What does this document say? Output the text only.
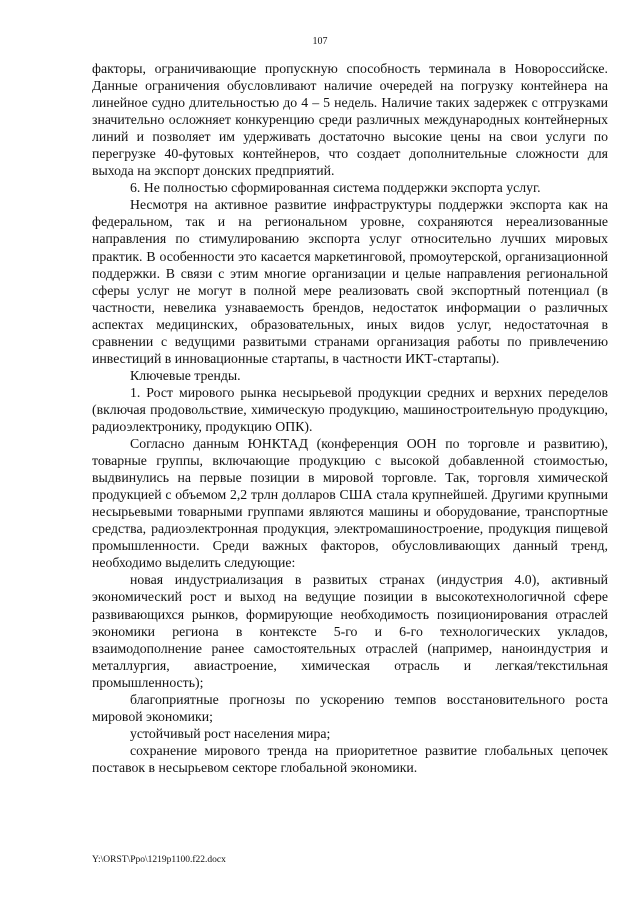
107

факторы, ограничивающие пропускную способность терминала в Новороссийске. Данные ограничения обусловливают наличие очередей на погрузку контейнера на линейное судно длительностью до 4 – 5 недель. Наличие таких задержек с отгрузками значительно осложняет конкуренцию среди различных международных контейнерных линий и позволяет им удерживать достаточно высокие цены на свои услуги по перегрузке 40-футовых контейнеров, что создает дополнительные сложности для выхода на экспорт донских предприятий.

6. Не полностью сформированная система поддержки экспорта услуг.

Несмотря на активное развитие инфраструктуры поддержки экспорта как на федеральном, так и на региональном уровне, сохраняются нереализованные направления по стимулированию экспорта услуг относительно лучших мировых практик. В особенности это касается маркетинговой, промоутерской, организационной поддержки. В связи с этим многие организации и целые направления региональной сферы услуг не могут в полной мере реализовать свой экспортный потенциал (в частности, невелика узнаваемость брендов, недостаток информации о различных аспектах медицинских, образовательных, иных видов услуг, недостаточная в сравнении с ведущими развитыми странами организация работы по привлечению инвестиций в инновационные стартапы, в частности ИКТ-стартапы).

Ключевые тренды.

1. Рост мирового рынка несырьевой продукции средних и верхних переделов (включая продовольствие, химическую продукцию, машиностроительную продукцию, радиоэлектронику, продукцию ОПК).

Согласно данным ЮНКТАД (конференция ООН по торговле и развитию), товарные группы, включающие продукцию с высокой добавленной стоимостью, выдвинулись на первые позиции в мировой торговле. Так, торговля химической продукцией с объемом 2,2 трлн долларов США стала крупнейшей. Другими крупными несырьевыми товарными группами являются машины и оборудование, транспортные средства, радиоэлектронная продукция, электромашиностроение, продукция пищевой промышленности. Среди важных факторов, обусловливающих данный тренд, необходимо выделить следующие:

новая индустриализация в развитых странах (индустрия 4.0), активный экономический рост и выход на ведущие позиции в высокотехнологичной сфере развивающихся рынков, формирующие необходимость позиционирования отраслей экономики региона в контексте 5-го и 6-го технологических укладов, взаимодополнение ранее самостоятельных отраслей (например, наноиндустрия и металлургия, авиастроение, химическая отрасль и легкая/текстильная промышленность);

благоприятные прогнозы по ускорению темпов восстановительного роста мировой экономики;

устойчивый рост населения мира;

сохранение мирового тренда на приоритетное развитие глобальных цепочек поставок в несырьевом секторе глобальной экономики.

Y:\ORST\Ppo\1219p1100.f22.docx
